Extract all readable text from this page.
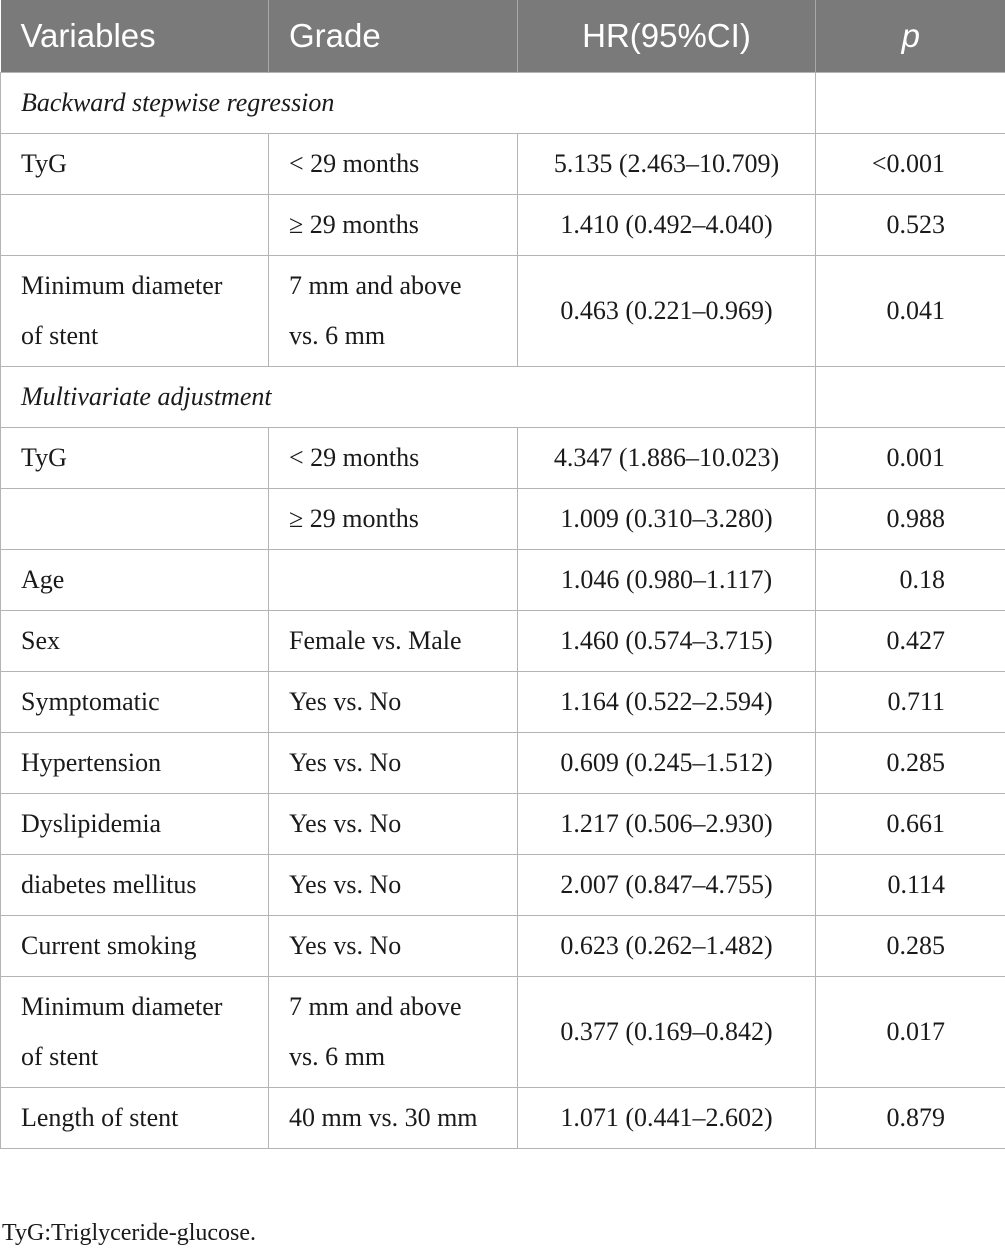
Variables	Grade	HR(95%CI)	p
Backward stepwise regression			
TyG	< 29 months	5.135 (2.463–10.709)	<0.001
	≥ 29 months	1.410 (0.492–4.040)	0.523
Minimum diameter of stent	7 mm and above vs. 6 mm	0.463 (0.221–0.969)	0.041
Multivariate adjustment			
TyG	< 29 months	4.347 (1.886–10.023)	0.001
	≥ 29 months	1.009 (0.310–3.280)	0.988
Age		1.046 (0.980–1.117)	0.18
Sex	Female vs. Male	1.460 (0.574–3.715)	0.427
Symptomatic	Yes vs. No	1.164 (0.522–2.594)	0.711
Hypertension	Yes vs. No	0.609 (0.245–1.512)	0.285
Dyslipidemia	Yes vs. No	1.217 (0.506–2.930)	0.661
diabetes mellitus	Yes vs. No	2.007 (0.847–4.755)	0.114
Current smoking	Yes vs. No	0.623 (0.262–1.482)	0.285
Minimum diameter of stent	7 mm and above vs. 6 mm	0.377 (0.169–0.842)	0.017
Length of stent	40 mm vs. 30 mm	1.071 (0.441–2.602)	0.879
TyG:Triglyceride-glucose.
